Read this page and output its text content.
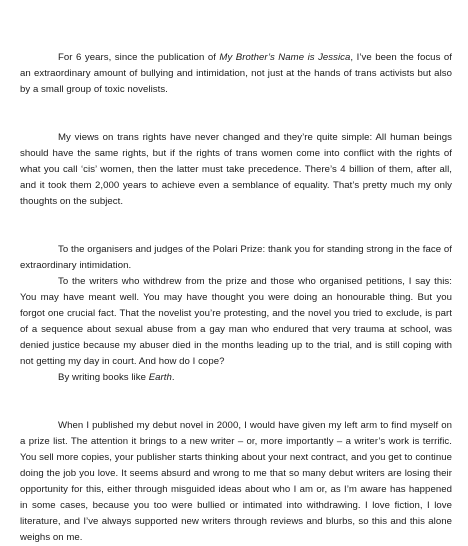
For 6 years, since the publication of My Brother’s Name is Jessica, I’ve been the focus of an extraordinary amount of bullying and intimidation, not just at the hands of trans activists but also by a small group of toxic novelists.

My views on trans rights have never changed and they’re quite simple: All human beings should have the same rights, but if the rights of trans women come into conflict with the rights of what you call ‘cis’ women, then the latter must take precedence. There’s 4 billion of them, after all, and it took them 2,000 years to achieve even a semblance of equality. That’s pretty much my only thoughts on the subject.

To the organisers and judges of the Polari Prize: thank you for standing strong in the face of extraordinary intimidation.

To the writers who withdrew from the prize and those who organised petitions, I say this: You may have meant well. You may have thought you were doing an honourable thing. But you forgot one crucial fact. That the novelist you’re protesting, and the novel you tried to exclude, is part of a sequence about sexual abuse from a gay man who endured that very trauma at school, was denied justice because my abuser died in the months leading up to the trial, and is still coping with not getting my day in court. And how do I cope?

By writing books like Earth.

When I published my debut novel in 2000, I would have given my left arm to find myself on a prize list. The attention it brings to a new writer – or, more importantly – a writer’s work is terrific. You sell more copies, your publisher starts thinking about your next contract, and you get to continue doing the job you love. It seems absurd and wrong to me that so many debut writers are losing their opportunity for this, either through misguided ideas about who I am or, as I’m aware has happened in some cases, because you too were bullied or intimated into withdrawing. I love fiction, I love literature, and I’ve always supported new writers through reviews and blurbs, so this and this alone weighs on me.
